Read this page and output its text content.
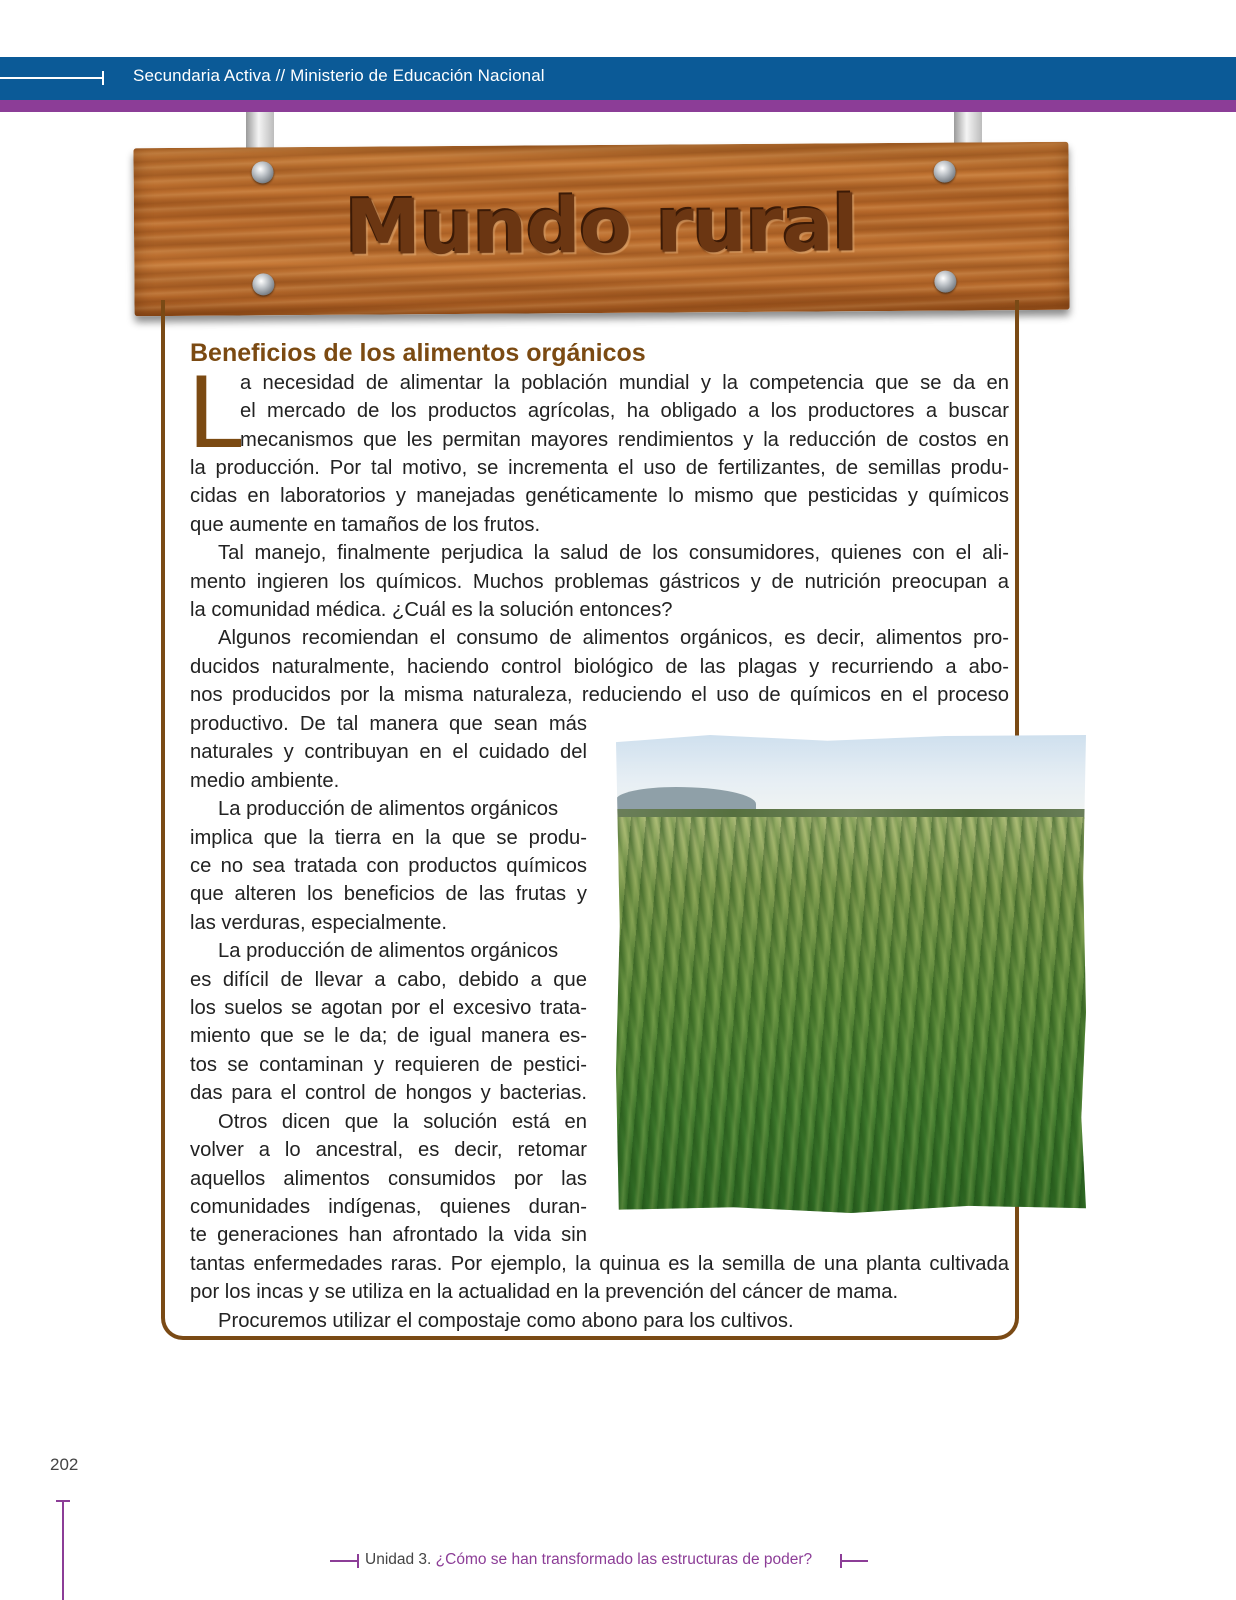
Secundaria Activa // Ministerio de Educación Nacional
Mundo rural
Beneficios de los alimentos orgánicos
L
a necesidad de alimentar la población mundial y la competencia que se da en
el mercado de los productos agrícolas, ha obligado a los productores a buscar
mecanismos que les permitan mayores rendimientos y la reducción de costos en
la producción. Por tal motivo, se incrementa el uso de fertilizantes, de semillas produ-
cidas en laboratorios y manejadas genéticamente lo mismo que pesticidas y químicos
que aumente en tamaños de los frutos.
Tal manejo, finalmente perjudica la salud de los consumidores, quienes con el ali-
mento ingieren los químicos. Muchos problemas gástricos y de nutrición preocupan a
la comunidad médica. ¿Cuál es la solución entonces?
Algunos recomiendan el consumo de alimentos orgánicos, es decir, alimentos pro-
ducidos naturalmente, haciendo control biológico de las plagas y recurriendo a abo-
nos producidos por la misma naturaleza, reduciendo el uso de químicos en el proceso
productivo. De tal manera que sean más
naturales y contribuyan en el cuidado del
medio ambiente.
La producción de alimentos orgánicos
implica que la tierra en la que se produ-
ce no sea tratada con productos químicos
que alteren los beneficios de las frutas y
las verduras, especialmente.
La producción de alimentos orgánicos
es difícil de llevar a cabo, debido a que
los suelos se agotan por el excesivo trata-
miento que se le da; de igual manera es-
tos se contaminan y requieren de pestici-
das para el control de hongos y bacterias.
Otros dicen que la solución está en
volver a lo ancestral, es decir, retomar
aquellos alimentos consumidos por las
comunidades indígenas, quienes duran-
te generaciones han afrontado la vida sin
tantas enfermedades raras. Por ejemplo, la quinua es la semilla de una planta cultivada
por los incas y se utiliza en la actualidad en la prevención del cáncer de mama.
Procuremos utilizar el compostaje como abono para los cultivos.
202
Unidad 3. ¿Cómo se han transformado las estructuras de poder?
